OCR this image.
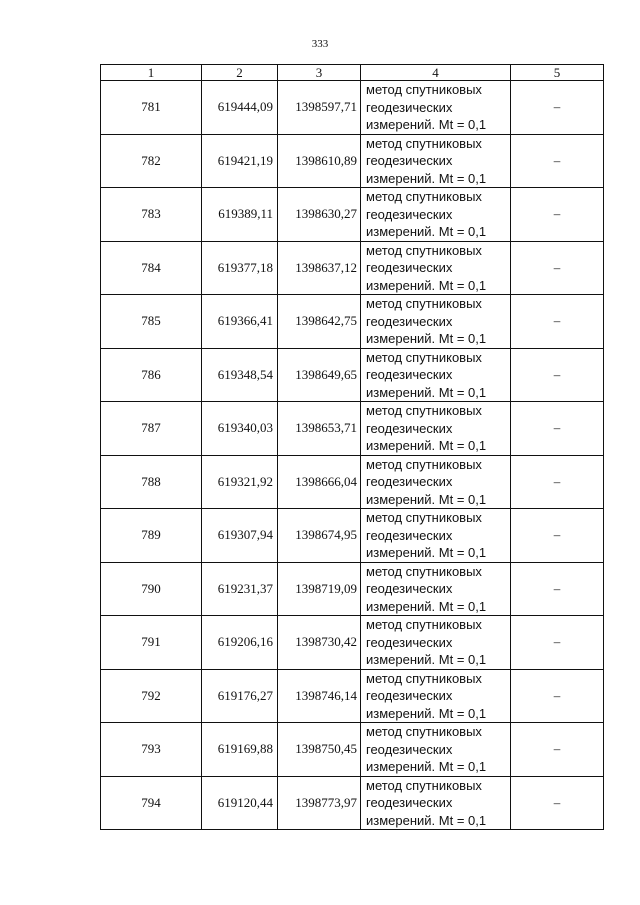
333
1	2	3	4	5
781	619444,09	1398597,71	метод спутниковых
геодезических
измерений. Mt = 0,1	–
782	619421,19	1398610,89	метод спутниковых
геодезических
измерений. Mt = 0,1	–
783	619389,11	1398630,27	метод спутниковых
геодезических
измерений. Mt = 0,1	–
784	619377,18	1398637,12	метод спутниковых
геодезических
измерений. Mt = 0,1	–
785	619366,41	1398642,75	метод спутниковых
геодезических
измерений. Mt = 0,1	–
786	619348,54	1398649,65	метод спутниковых
геодезических
измерений. Mt = 0,1	–
787	619340,03	1398653,71	метод спутниковых
геодезических
измерений. Mt = 0,1	–
788	619321,92	1398666,04	метод спутниковых
геодезических
измерений. Mt = 0,1	–
789	619307,94	1398674,95	метод спутниковых
геодезических
измерений. Mt = 0,1	–
790	619231,37	1398719,09	метод спутниковых
геодезических
измерений. Mt = 0,1	–
791	619206,16	1398730,42	метод спутниковых
геодезических
измерений. Mt = 0,1	–
792	619176,27	1398746,14	метод спутниковых
геодезических
измерений. Mt = 0,1	–
793	619169,88	1398750,45	метод спутниковых
геодезических
измерений. Mt = 0,1	–
794	619120,44	1398773,97	метод спутниковых
геодезических
измерений. Mt = 0,1	–
